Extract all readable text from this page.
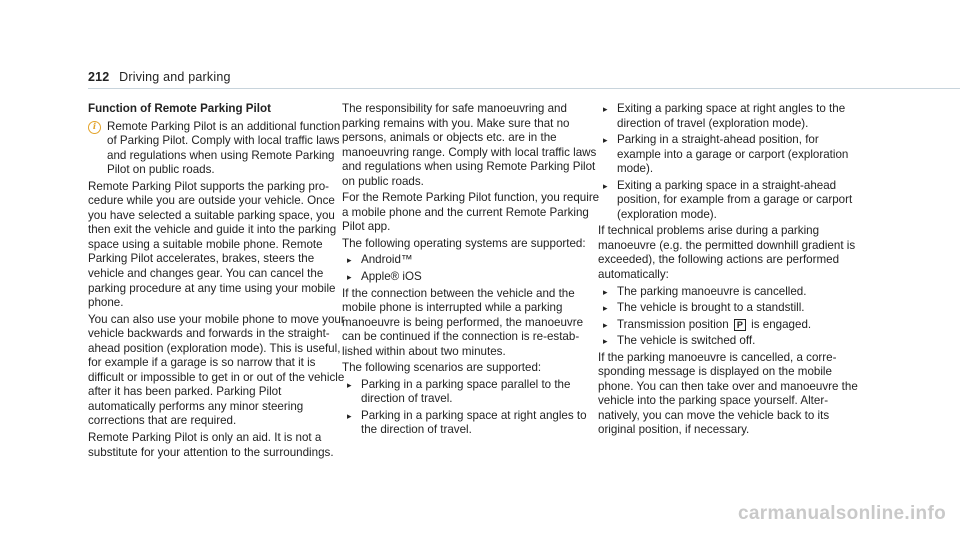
212 Driving and parking

Function of Remote Parking Pilot

i Remote Parking Pilot is an additional function of Parking Pilot. Comply with local traffic laws and regulations when using Remote Parking Pilot on public roads.

Remote Parking Pilot supports the parking procedure while you are outside your vehicle. Once you have selected a suitable parking space, you then exit the vehicle and guide it into the parking space using a suitable mobile phone. Remote Parking Pilot accelerates, brakes, steers the vehicle and changes gear. You can cancel the parking procedure at any time using your mobile phone.

You can also use your mobile phone to move your vehicle backwards and forwards in the straight-ahead position (exploration mode). This is useful, for example if a garage is so narrow that it is difficult or impossible to get in or out of the vehicle after it has been parked. Parking Pilot automatically performs any minor steering corrections that are required.

Remote Parking Pilot is only an aid. It is not a substitute for your attention to the surroundings.

The responsibility for safe manoeuvring and parking remains with you. Make sure that no persons, animals or objects etc. are in the manoeuvring range. Comply with local traffic laws and regulations when using Remote Parking Pilot on public roads.

For the Remote Parking Pilot function, you require a mobile phone and the current Remote Parking Pilot app.

The following operating systems are supported:

▸ Android™
▸ Apple® iOS

If the connection between the vehicle and the mobile phone is interrupted while a parking manoeuvre is being performed, the manoeuvre can be continued if the connection is re-established within about two minutes.

The following scenarios are supported:

▸ Parking in a parking space parallel to the direction of travel.
▸ Parking in a parking space at right angles to the direction of travel.
▸ Exiting a parking space at right angles to the direction of travel (exploration mode).
▸ Parking in a straight-ahead position, for example into a garage or carport (exploration mode).
▸ Exiting a parking space in a straight-ahead position, for example from a garage or carport (exploration mode).

If technical problems arise during a parking manoeuvre (e.g. the permitted downhill gradient is exceeded), the following actions are performed automatically:

▸ The parking manoeuvre is cancelled.
▸ The vehicle is brought to a standstill.
▸ Transmission position P is engaged.
▸ The vehicle is switched off.

If the parking manoeuvre is cancelled, a corresponding message is displayed on the mobile phone. You can then take over and manoeuvre the vehicle into the parking space yourself. Alternatively, you can move the vehicle back to its original position, if necessary.

carmanualsonline.info
